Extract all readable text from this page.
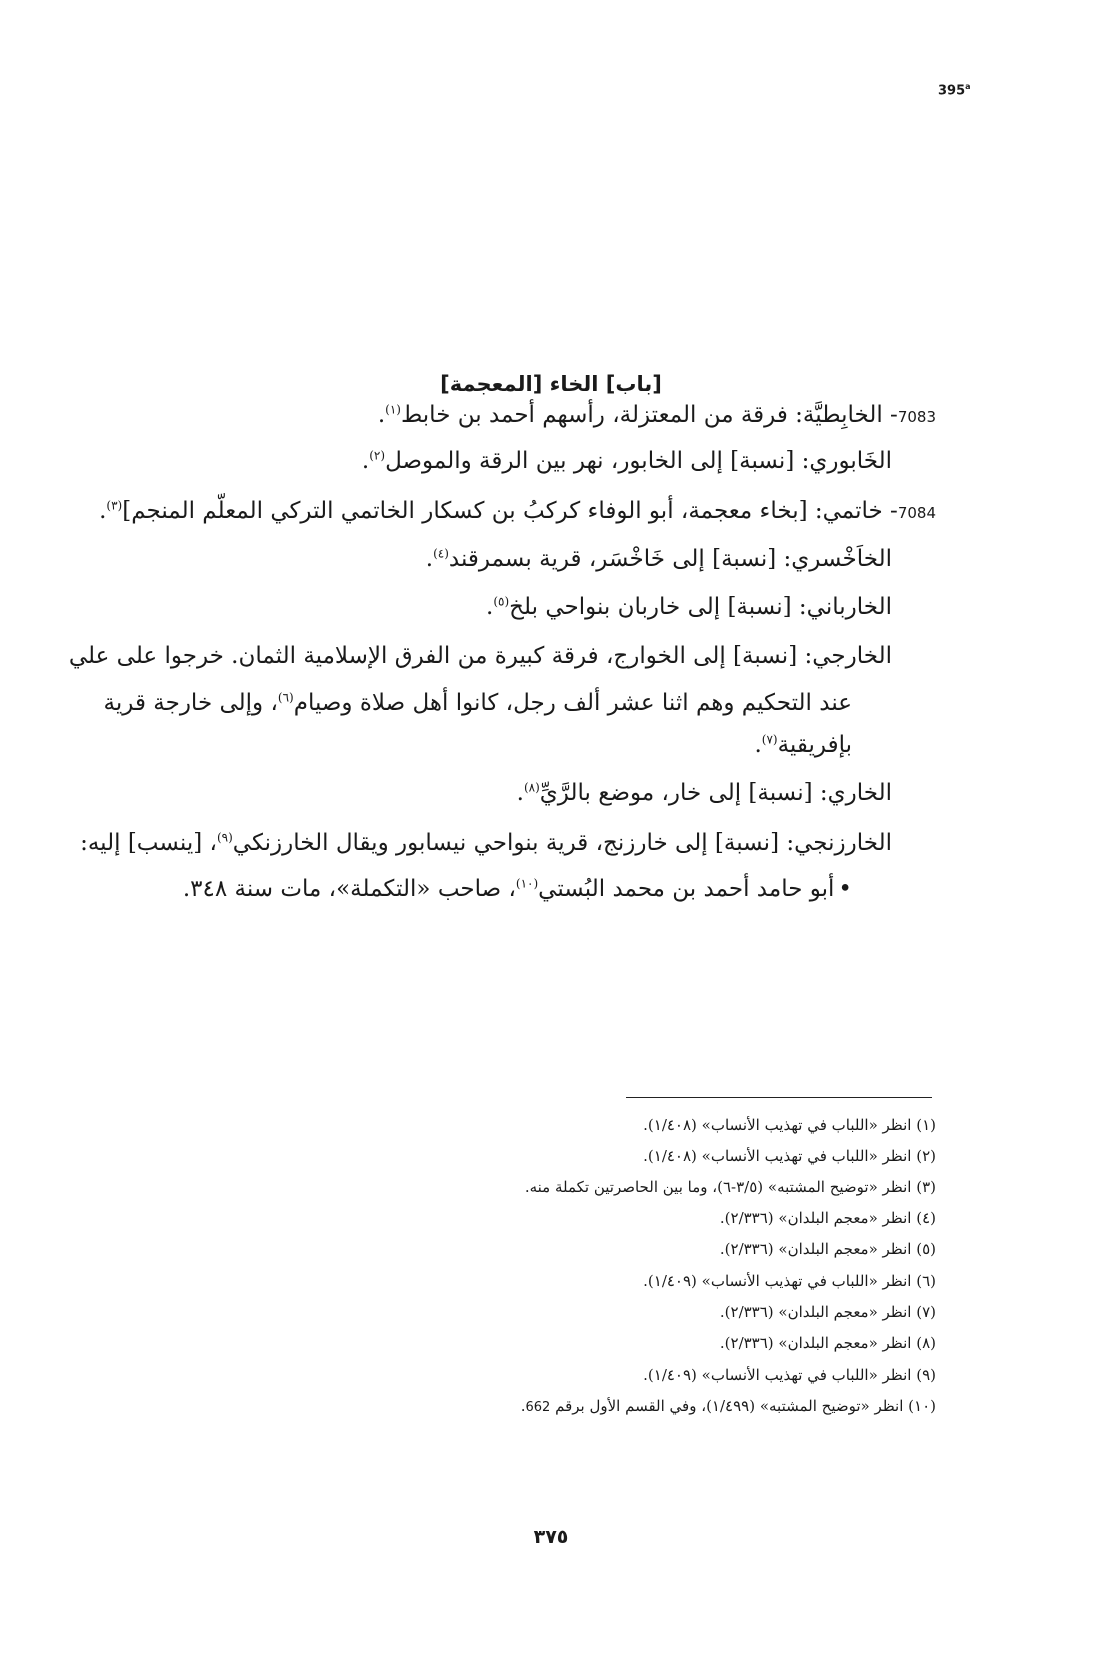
395$^a$
[باب] الخاء [المعجمة]
7083- الخابِطيَّة: فرقة من المعتزلة، رأسهم أحمد بن خابط$^{(١)}$.
الخَابوري: [نسبة] إلى الخابور، نهر بين الرقة والموصل$^{(٢)}$.
7084- خاتمي: [بخاء معجمة، أبو الوفاء كركبُ بن كسكار الخاتمي التركي المعلّم المنجم]$^{(٣)}$.
الخاَخْسري: [نسبة] إلى خَاخْسَر، قرية بسمرقند$^{(٤)}$.
الخارباني: [نسبة] إلى خاربان بنواحي بلخ$^{(٥)}$.
الخارجي: [نسبة] إلى الخوارج، فرقة كبيرة من الفرق الإسلامية الثمان. خرجوا على علي
عند التحكيم وهم اثنا عشر ألف رجل، كانوا أهل صلاة وصيام$^{(٦)}$، وإلى خارجة قرية
بإفريقية$^{(٧)}$.
الخاري: [نسبة] إلى خار، موضع بالرَّيِّ$^{(٨)}$.
الخارزنجي: [نسبة] إلى خارزنج، قرية بنواحي نيسابور ويقال الخارزنكي$^{(٩)}$، [ينسب] إليه:
•أبو حامد أحمد بن محمد البُستي$^{(١٠)}$، صاحب «التكملة»، مات سنة ٣٤٨.
(١) انظر «اللباب في تهذيب الأنساب» (١/٤٠٨).
(٢) انظر «اللباب في تهذيب الأنساب» (١/٤٠٨).
(٣) انظر «توضيح المشتبه» (٣/٥-٦)، وما بين الحاصرتين تكملة منه.
(٤) انظر «معجم البلدان» (٢/٣٣٦).
(٥) انظر «معجم البلدان» (٢/٣٣٦).
(٦) انظر «اللباب في تهذيب الأنساب» (١/٤٠٩).
(٧) انظر «معجم البلدان» (٢/٣٣٦).
(٨) انظر «معجم البلدان» (٢/٣٣٦).
(٩) انظر «اللباب في تهذيب الأنساب» (١/٤٠٩).
(١٠) انظر «توضيح المشتبه» (١/٤٩٩)، وفي القسم الأول برقم 662.
٣٧٥
